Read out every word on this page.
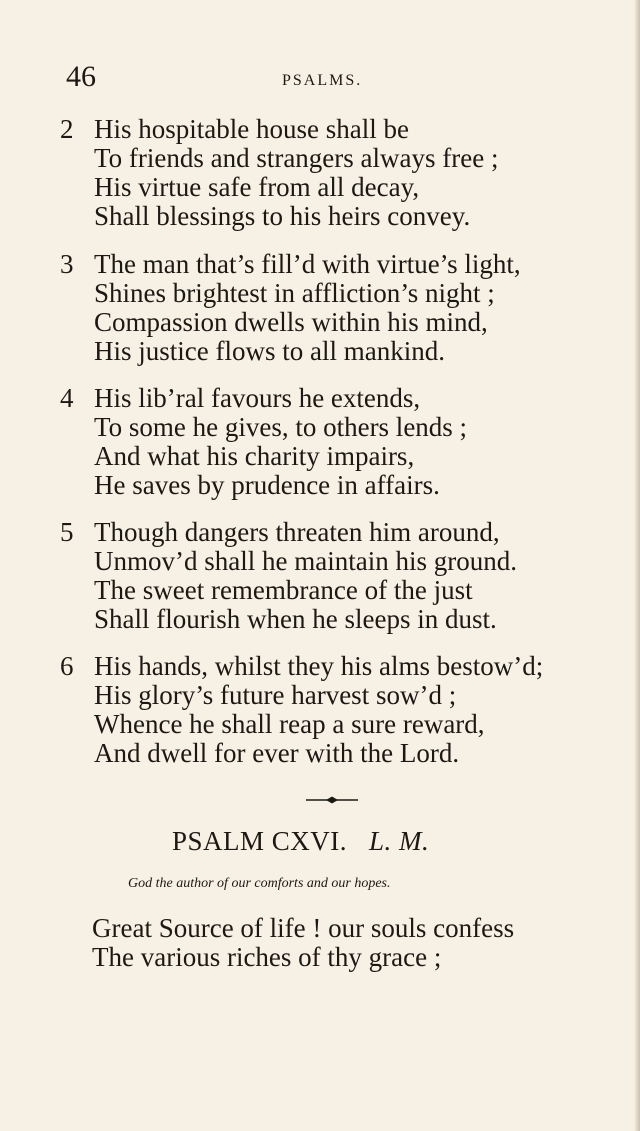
46	PSALMS.
2 His hospitable house shall be
To friends and strangers always free ;
His virtue safe from all decay,
Shall blessings to his heirs convey.
3 The man that’s fill’d with virtue’s light,
Shines brightest in affliction’s night ;
Compassion dwells within his mind,
His justice flows to all mankind.
4 His lib’ral favours he extends,
To some he gives, to others lends ;
And what his charity impairs,
He saves by prudence in affairs.
5 Though dangers threaten him around,
Unmov’d shall he maintain his ground.
The sweet remembrance of the just
Shall flourish when he sleeps in dust.
6 His hands, whilst they his alms bestow’d;
His glory’s future harvest sow’d ;
Whence he shall reap a sure reward,
And dwell for ever with the Lord.
PSALM CXVI. L. M.
God the author of our comforts and our hopes.
Great Source of life ! our souls confess
The various riches of thy grace ;
